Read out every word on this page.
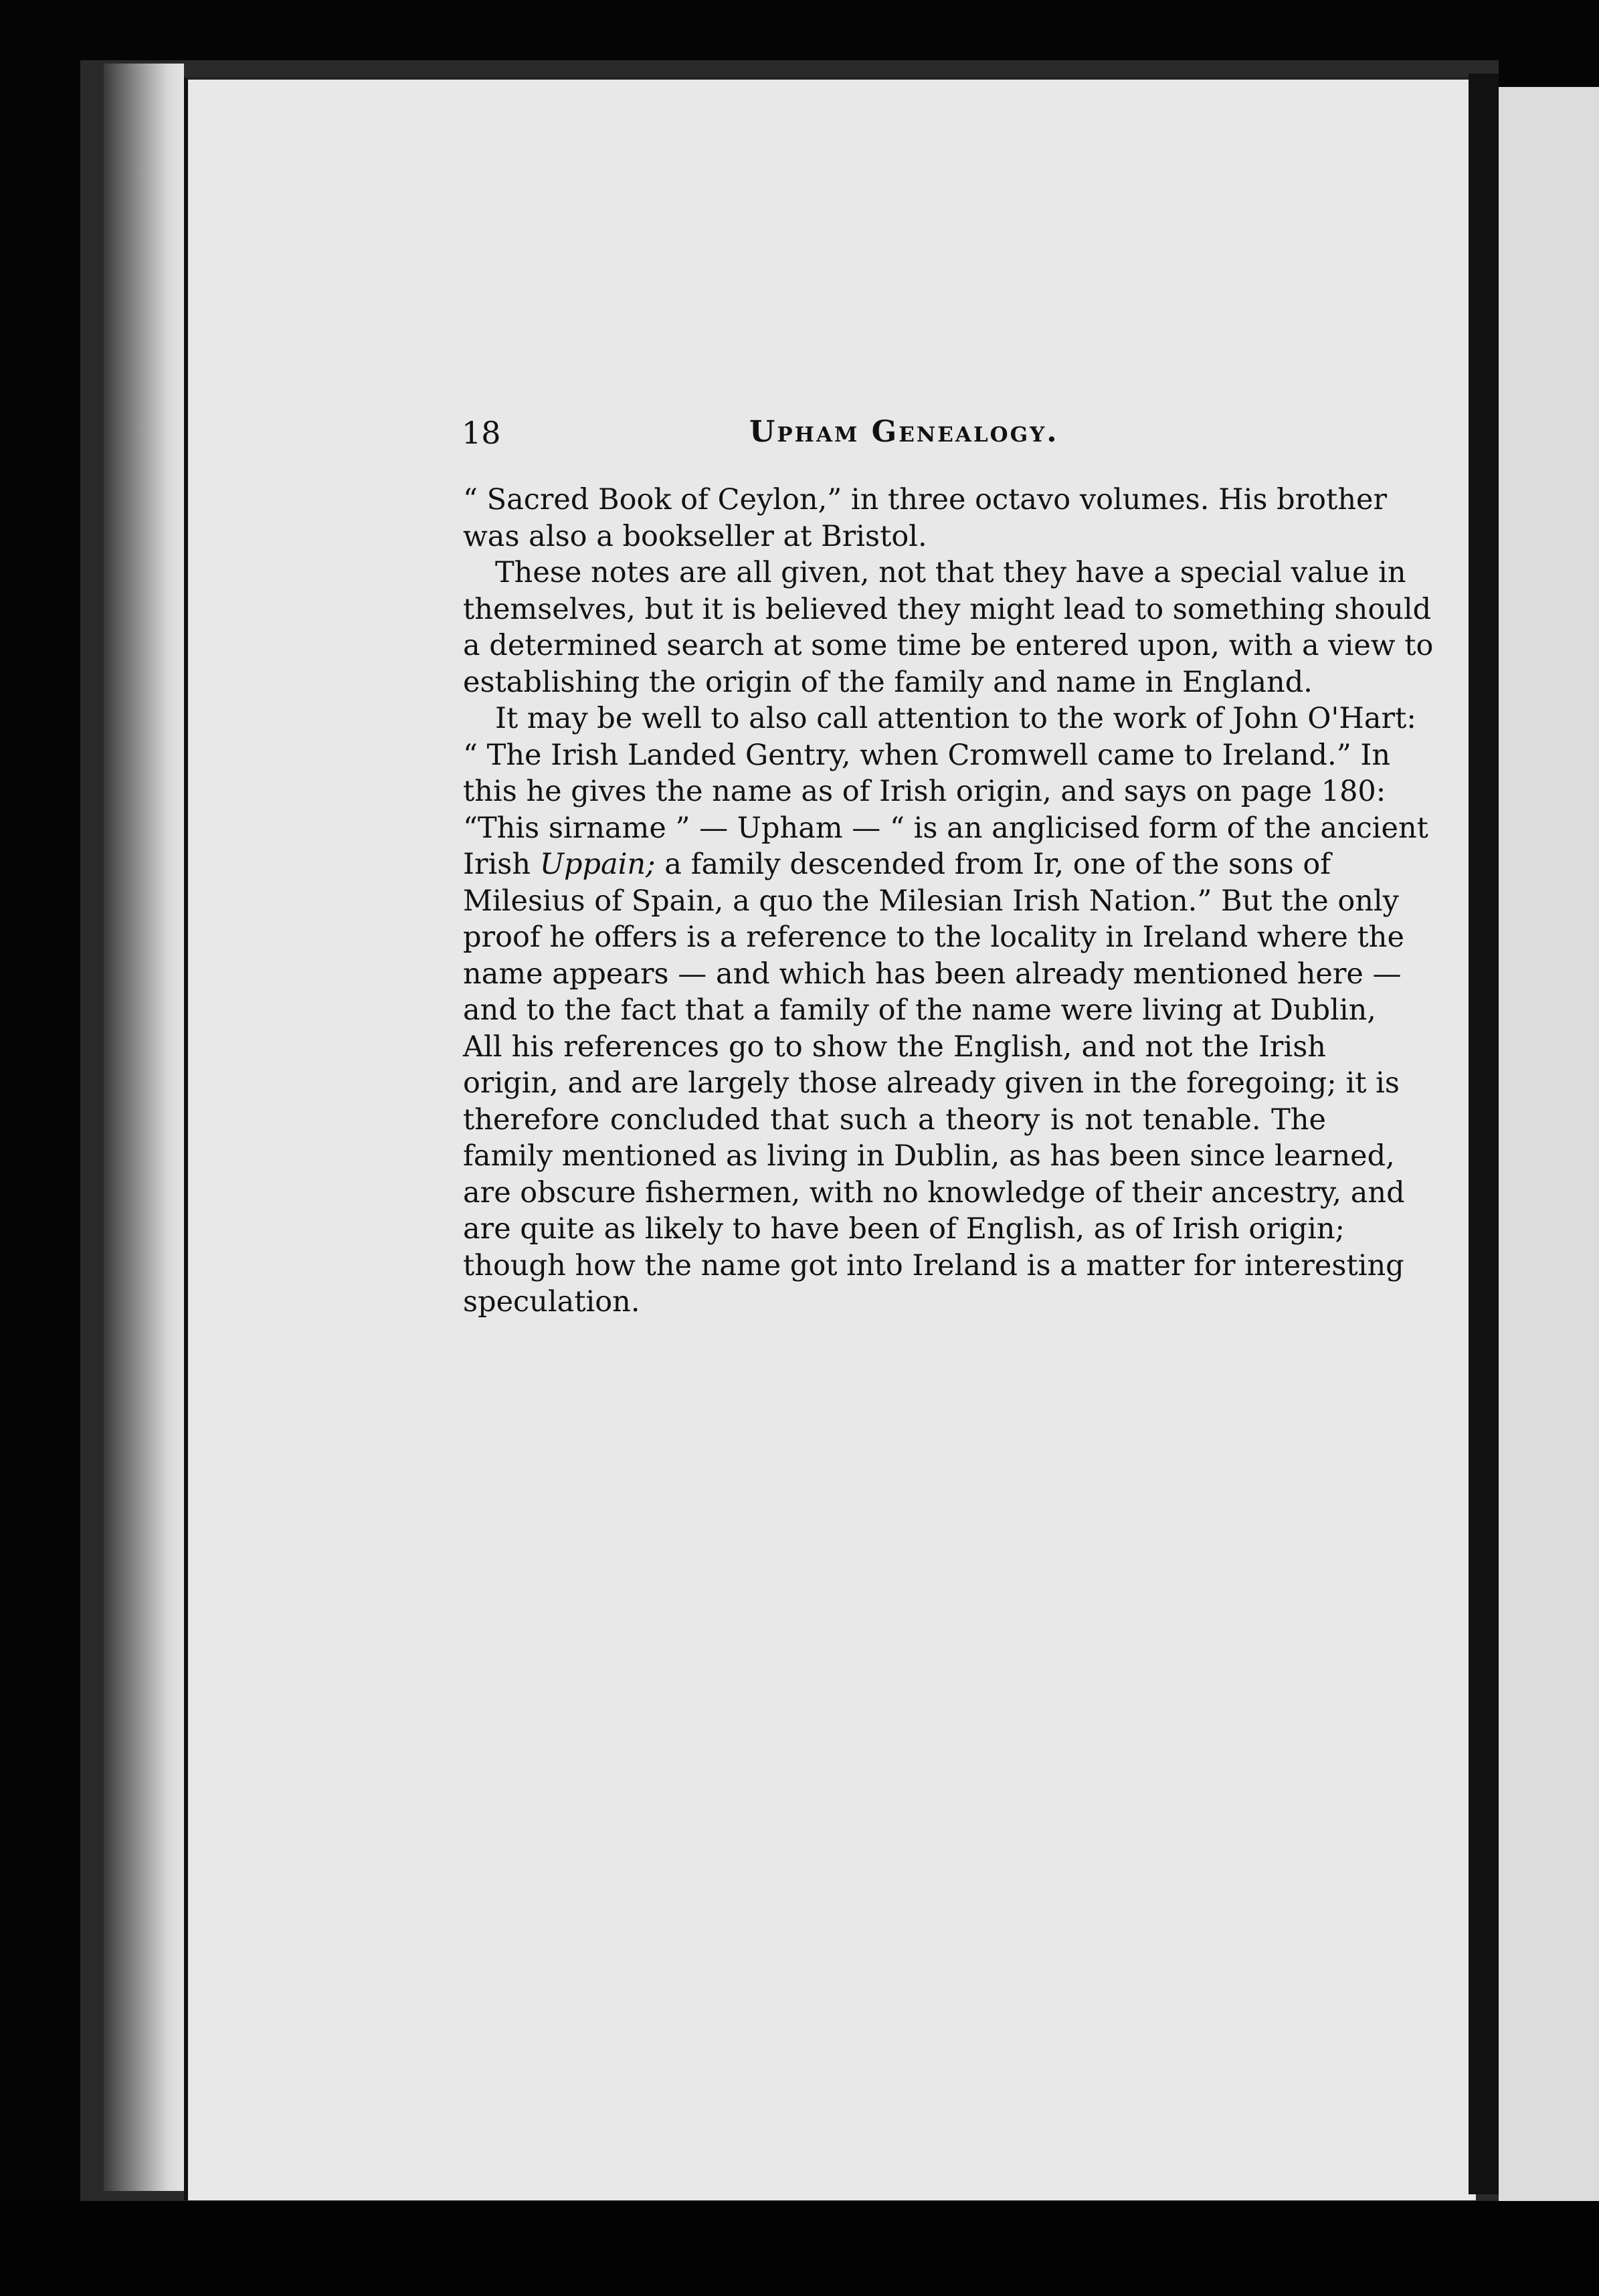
18	Upham Genealogy.

“ Sacred Book of Ceylon,” in three octavo volumes. His brother
was also a bookseller at Bristol.

These notes are all given, not that they have a special value in
themselves, but it is believed they might lead to something should
a determined search at some time be entered upon, with a view to
establishing the origin of the family and name in England.

It may be well to also call attention to the work of John O'Hart:
“ The Irish Landed Gentry, when Cromwell came to Ireland.” In
this he gives the name as of Irish origin, and says on page 180:
“This sirname ” — Upham — “ is an anglicised form of the ancient
Irish Uppain; a family descended from Ir, one of the sons of
Milesius of Spain, a quo the Milesian Irish Nation.” But the only
proof he offers is a reference to the locality in Ireland where the
name appears — and which has been already mentioned here —
and to the fact that a family of the name were living at Dublin,
All his references go to show the English, and not the Irish
origin, and are largely those already given in the foregoing; it is
therefore concluded that such a theory is not tenable. The
family mentioned as living in Dublin, as has been since learned,
are obscure fishermen, with no knowledge of their ancestry, and
are quite as likely to have been of English, as of Irish origin;
though how the name got into Ireland is a matter for interesting
speculation.
